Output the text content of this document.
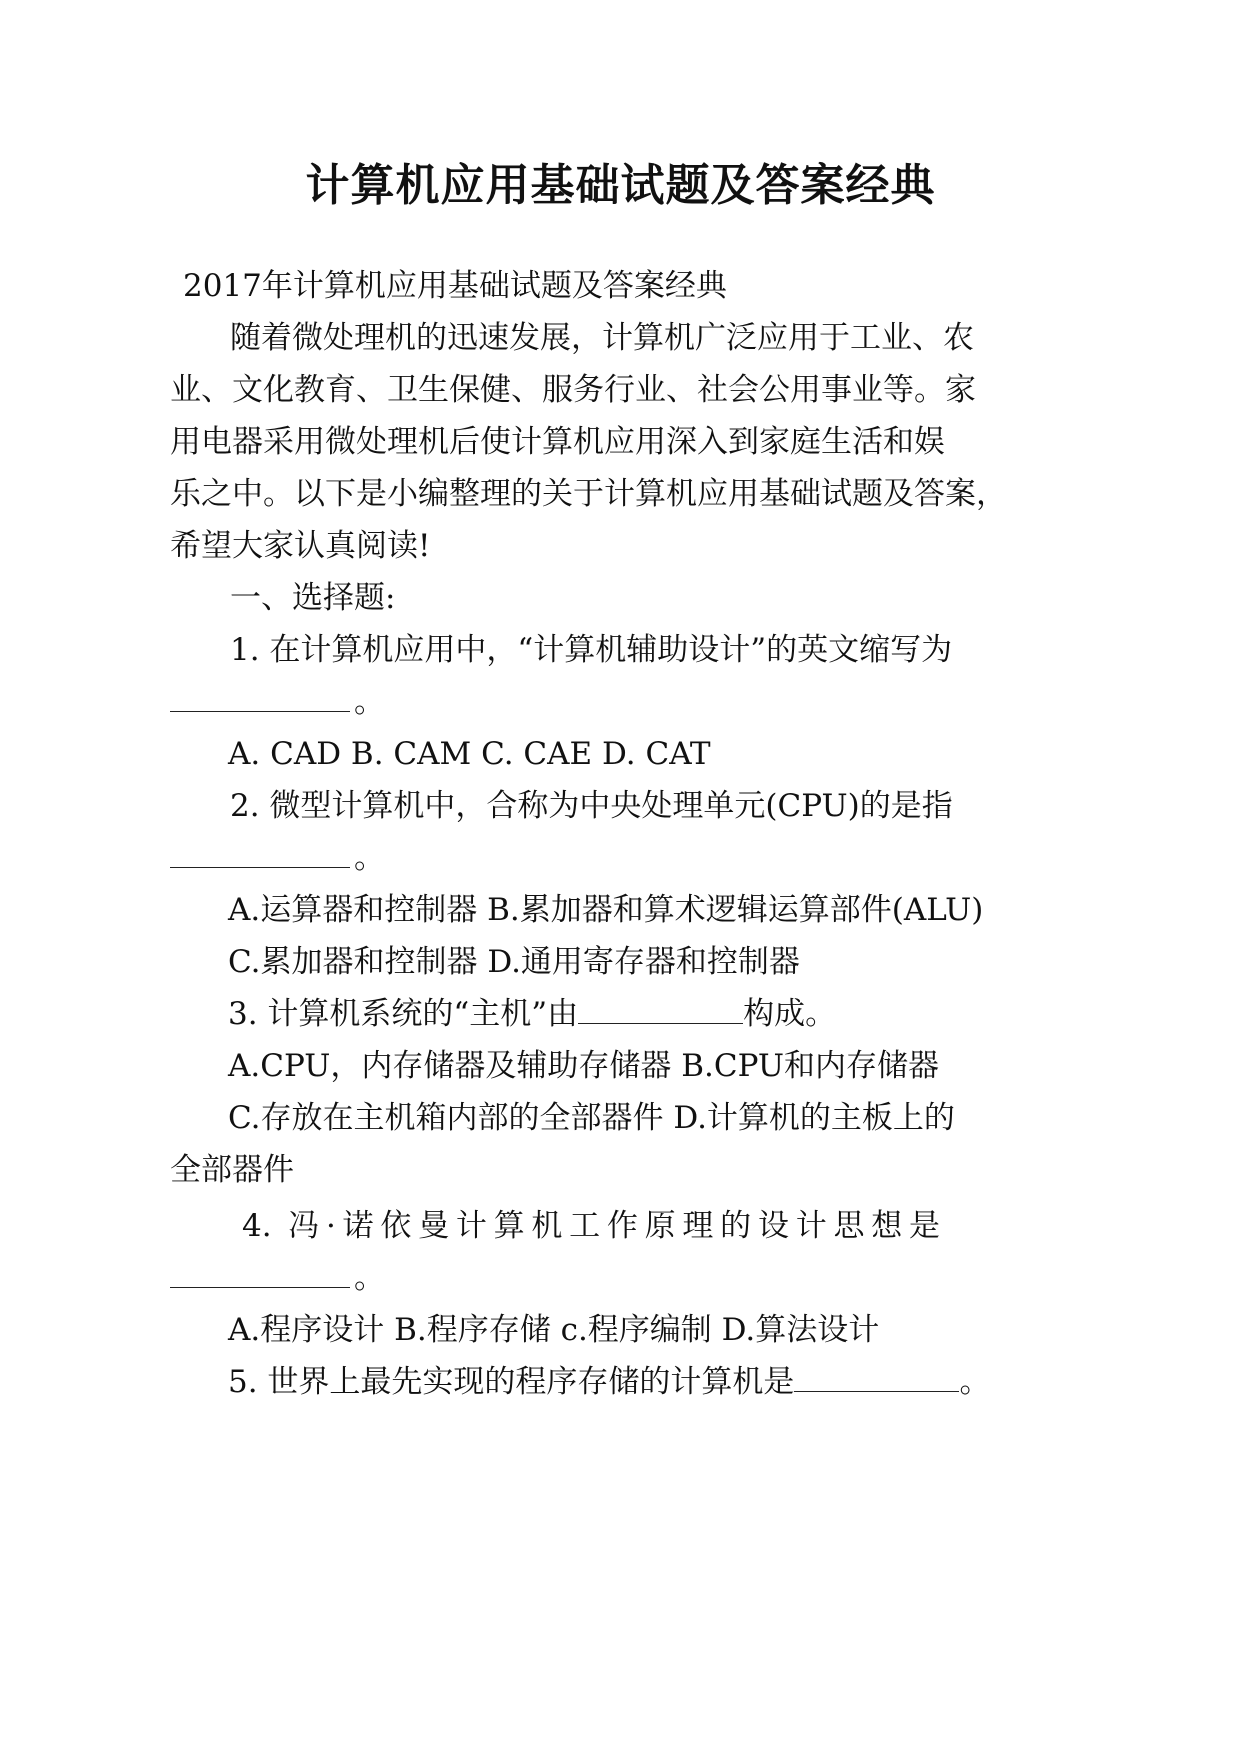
计算机应用基础试题及答案经典
2017年计算机应用基础试题及答案经典
随着微处理机的迅速发展，计算机广泛应用于工业、农
业、文化教育、卫生保健、服务行业、社会公用事业等。家
用电器采用微处理机后使计算机应用深入到家庭生活和娱
乐之中。以下是小编整理的关于计算机应用基础试题及答案，
希望大家认真阅读!
一、选择题:
1. 在计算机应用中，“计算机辅助设计”的英文缩写为
。
A. CAD B. CAM C. CAE D. CAT
2. 微型计算机中，合称为中央处理单元(CPU)的是指
。
A.运算器和控制器 B.累加器和算术逻辑运算部件(ALU)
C.累加器和控制器 D.通用寄存器和控制器
3. 计算机系统的“主机”由	构成。
A.CPU，内存储器及辅助存储器 B.CPU和内存储器
C.存放在主机箱内部的全部器件 D.计算机的主板上的
全部器件
4. 冯·诺依曼计算机工作原理的设计思想是
。
A.程序设计 B.程序存储 c.程序编制 D.算法设计
5. 世界上最先实现的程序存储的计算机是	。
